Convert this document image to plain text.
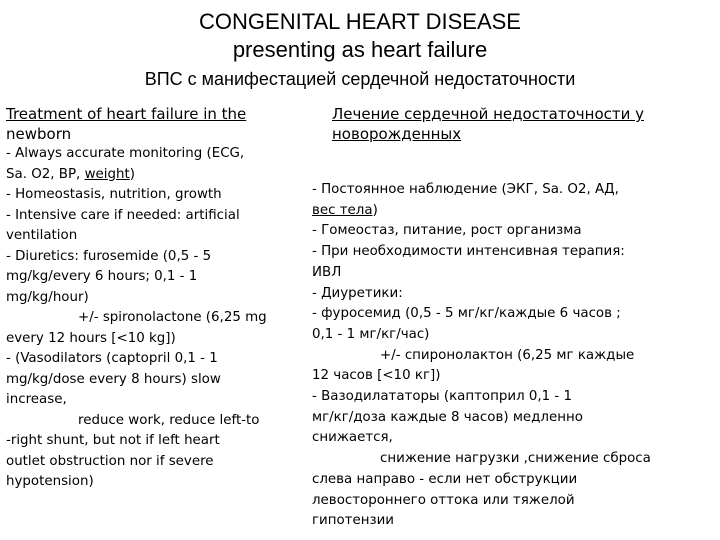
CONGENITAL HEART DISEASE
presenting as heart failure
ВПС с манифестацией сердечной недостаточности
Treatment of heart failure in the
newborn
- Always accurate monitoring (ECG,
Sa. O2, BP, weight)
- Homeostasis, nutrition, growth
- Intensive care if needed: artificial
ventilation
- Diuretics: furosemide (0,5 - 5
mg/kg/every 6 hours; 0,1 - 1
mg/kg/hour)
+/- spironolactone (6,25 mg
every 12 hours [<10 kg])
- (Vasodilators (captopril 0,1 - 1
mg/kg/dose every 8 hours) slow
increase,
reduce work, reduce left-to
-right shunt, but not if left heart
outlet obstruction nor if severe
hypotension)
Лечение сердечной недостаточности у
новорожденных
- Постоянное наблюдение (ЭКГ, Sa. O2, АД,
вес тела)
- Гомеостаз, питание, рост организма
- При необходимости интенсивная терапия:
ИВЛ
- Диуретики:
- фуросемид (0,5 - 5 мг/кг/каждые 6 часов ;
0,1 - 1 мг/кг/час)
+/- спиронолактон (6,25 мг каждые
12 часов [<10 кг])
- Вазодилататоры (каптоприл 0,1 - 1
мг/кг/доза каждые 8 часов) медленно
снижается,
снижение нагрузки ,снижение сброса
слева направо - если нет обструкции
левостороннего оттока или тяжелой
гипотензии
